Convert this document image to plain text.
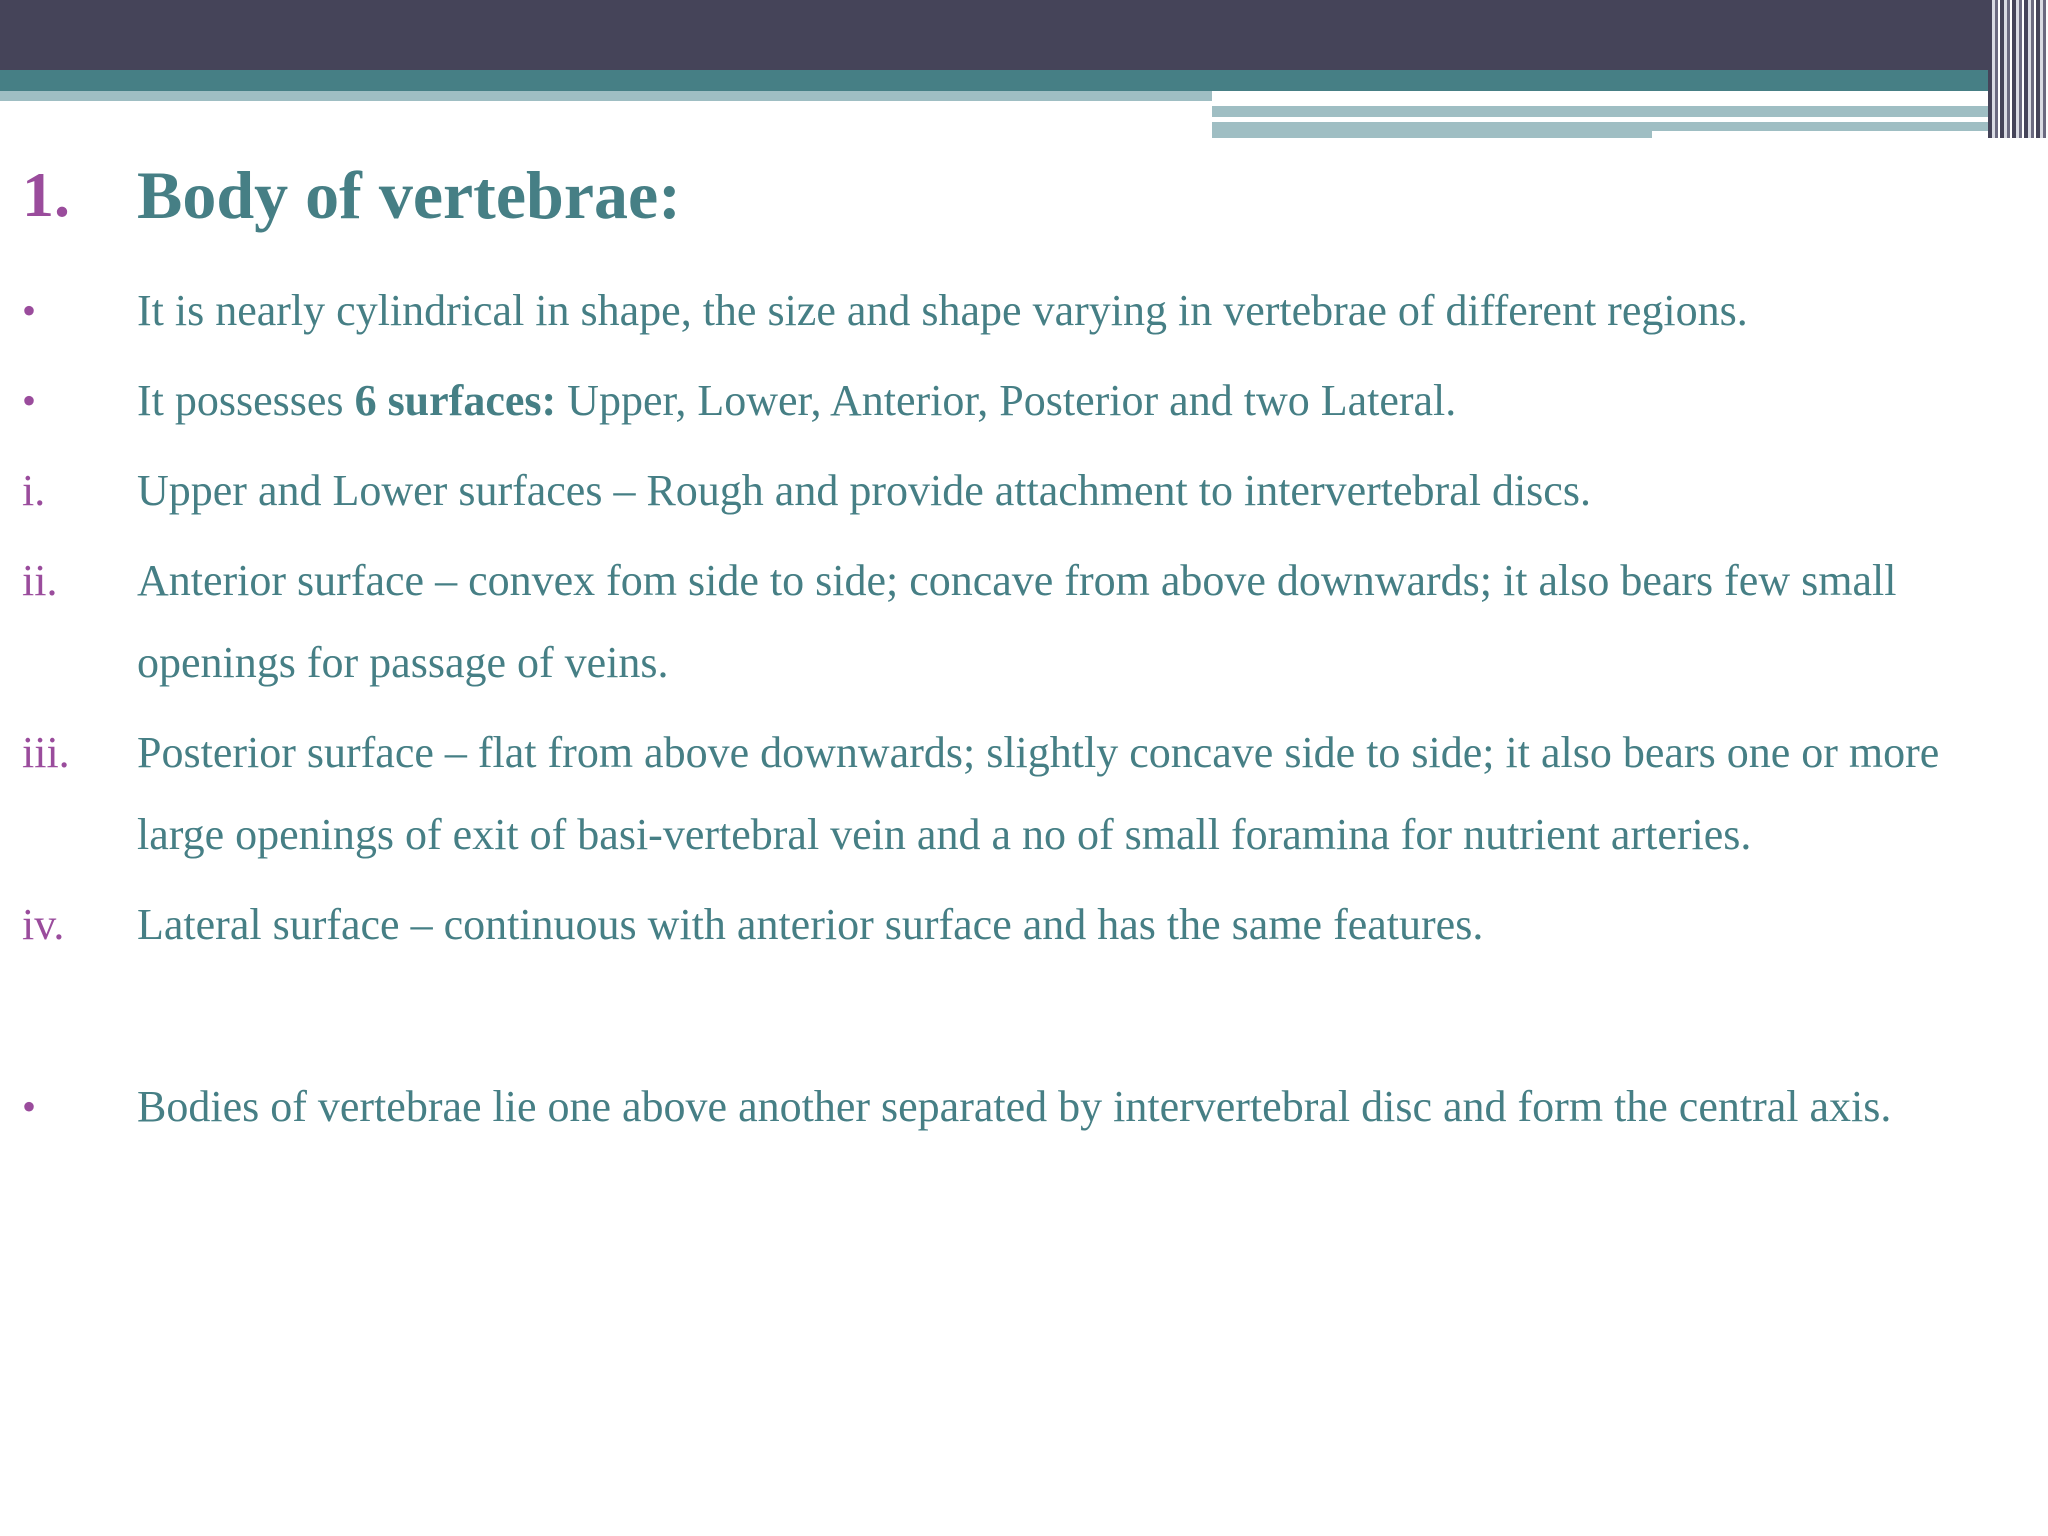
1. Body of vertebrae:
•	It is nearly cylindrical in shape, the size and shape varying in vertebrae of different regions.
•	It possesses 6 surfaces: Upper, Lower, Anterior, Posterior and two Lateral.
i.	Upper and Lower surfaces – Rough and provide attachment to intervertebral discs.
ii.	Anterior surface – convex fom side to side; concave from above downwards; it also bears few small openings for passage of veins.
iii.	Posterior surface – flat from above downwards; slightly concave side to side; it also bears one or more large openings of exit of basi-vertebral vein and a no of small foramina for nutrient arteries.
iv.	Lateral surface – continuous with anterior surface and has the same features.
•	Bodies of vertebrae lie one above another separated by intervertebral disc and form the central axis.
